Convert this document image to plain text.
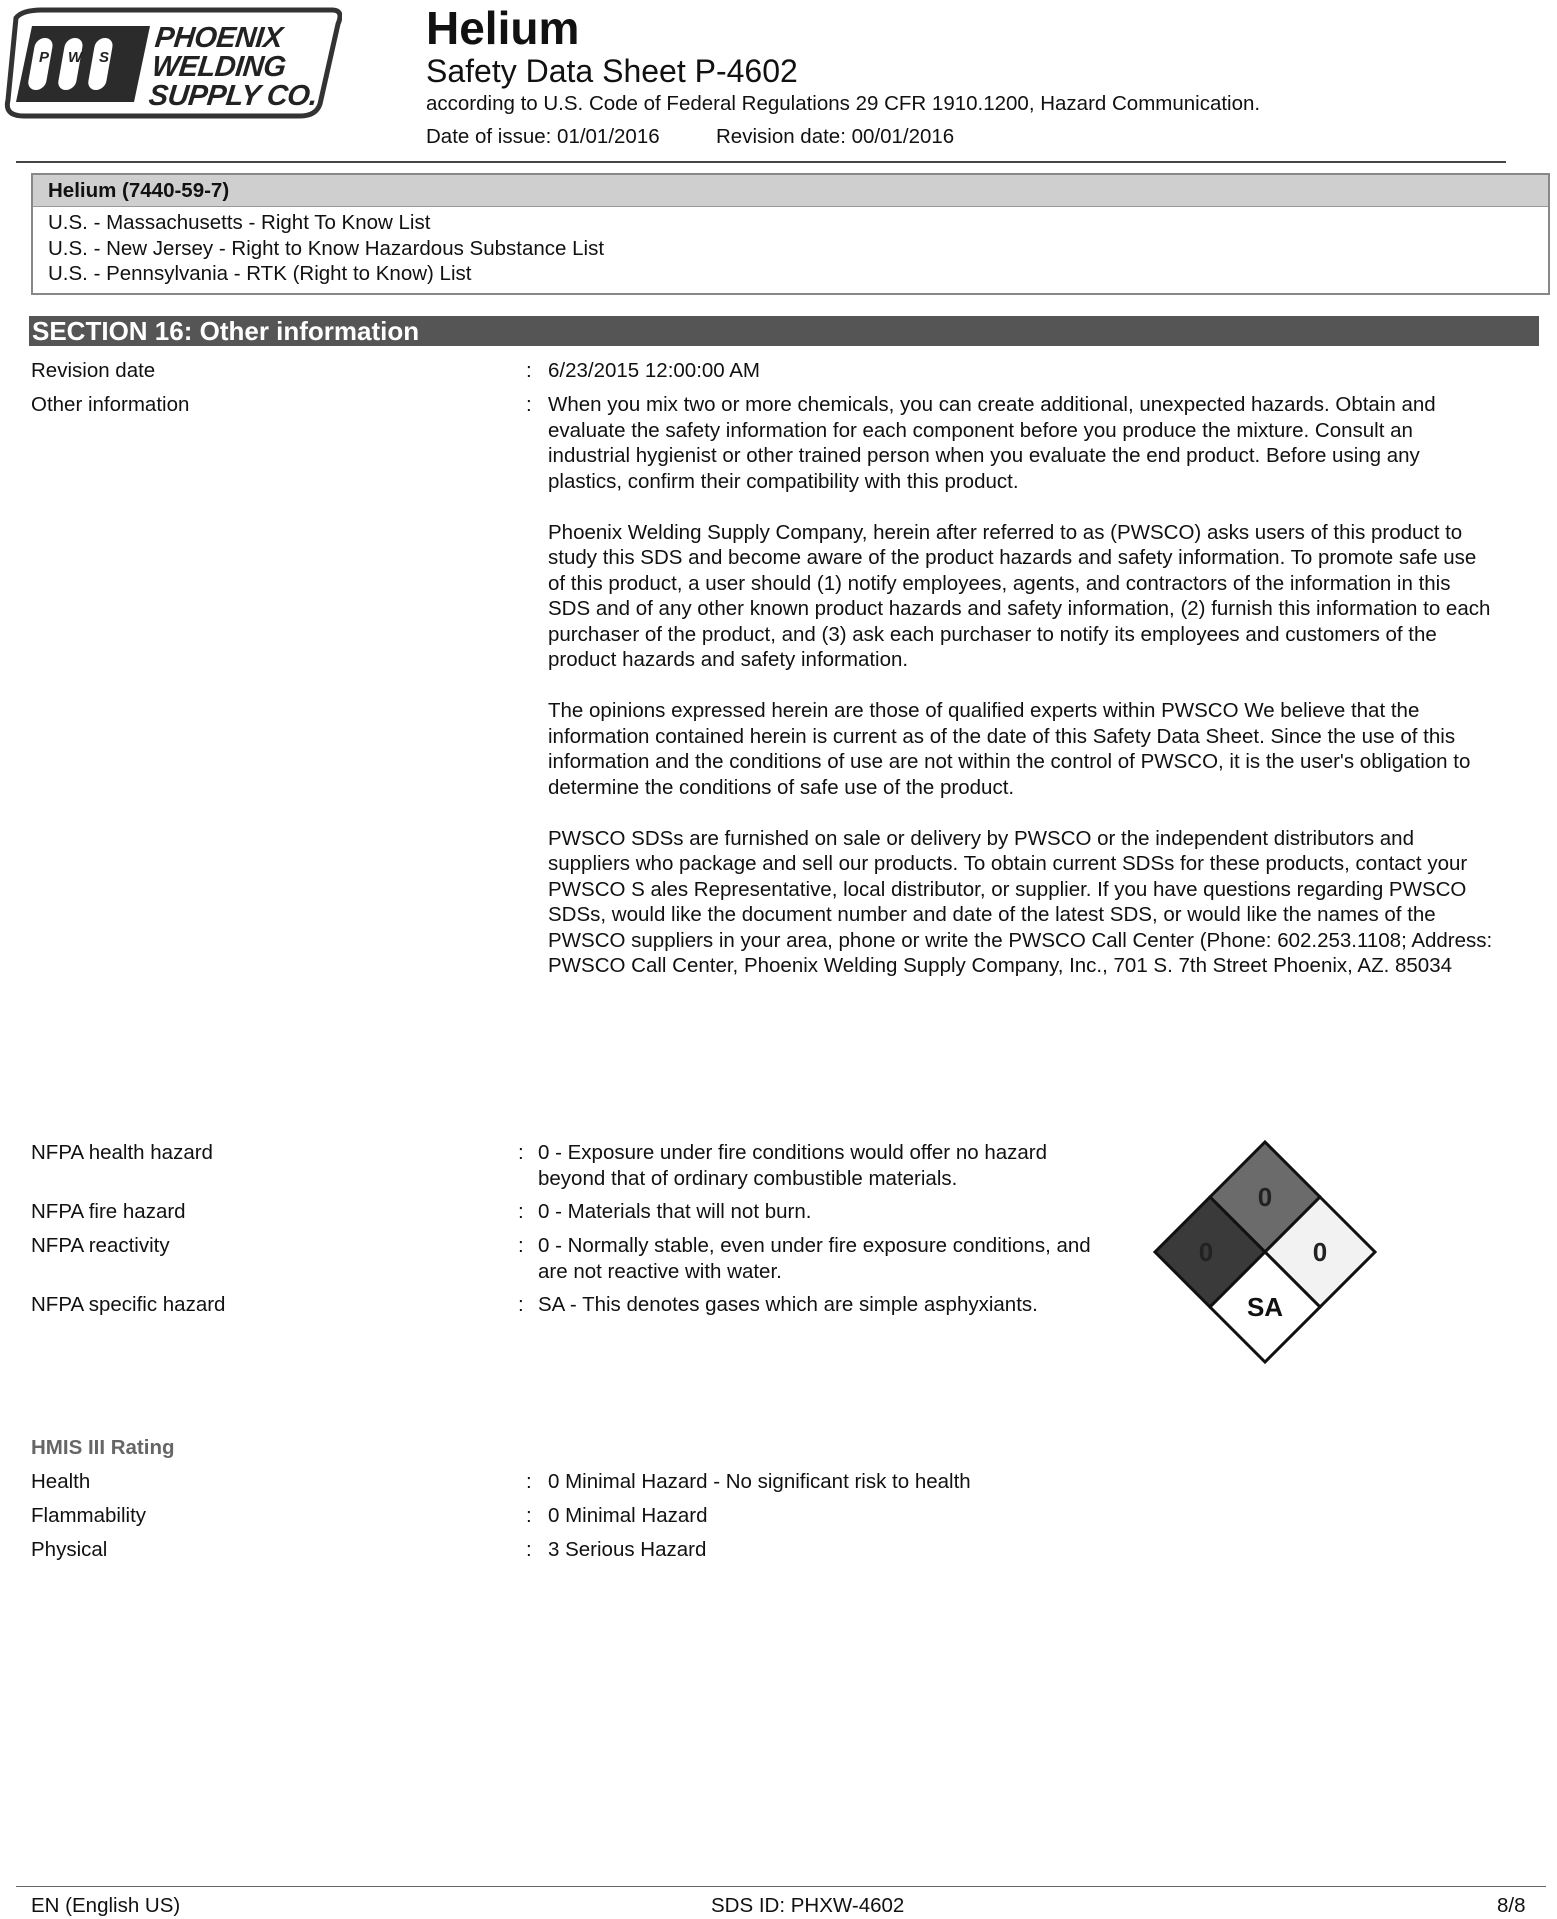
P W S
PHOENIX
WELDING
SUPPLY CO.
Helium
Safety Data Sheet P-4602
according to U.S. Code of Federal Regulations 29 CFR 1910.1200, Hazard Communication.
Date of issue: 01/01/2016	Revision date: 00/01/2016
Helium (7440-59-7)
U.S. - Massachusetts - Right To Know List
U.S. - New Jersey - Right to Know Hazardous Substance List
U.S. - Pennsylvania - RTK (Right to Know) List
SECTION 16: Other information
Revision date	: 6/23/2015 12:00:00 AM
Other information	: When you mix two or more chemicals, you can create additional, unexpected hazards. Obtain and evaluate the safety information for each component before you produce the mixture. Consult an industrial hygienist or other trained person when you evaluate the end product. Before using any plastics, confirm their compatibility with this product.

Phoenix Welding Supply Company, herein after referred to as (PWSCO) asks users of this product to study this SDS and become aware of the product hazards and safety information. To promote safe use of this product, a user should (1) notify employees, agents, and contractors of the information in this SDS and of any other known product hazards and safety information, (2) furnish this information to each purchaser of the product, and (3) ask each purchaser to notify its employees and customers of the product hazards and safety information.

The opinions expressed herein are those of qualified experts within PWSCO We believe that the information contained herein is current as of the date of this Safety Data Sheet. Since the use of this information and the conditions of use are not within the control of PWSCO, it is the user's obligation to determine the conditions of safe use of the product.

PWSCO SDSs are furnished on sale or delivery by PWSCO or the independent distributors and suppliers who package and sell our products. To obtain current SDSs for these products, contact your PWSCO S ales Representative, local distributor, or supplier. If you have questions regarding PWSCO SDSs, would like the document number and date of the latest SDS, or would like the names of the PWSCO suppliers in your area, phone or write the PWSCO Call Center (Phone: 602.253.1108; Address: PWSCO Call Center, Phoenix Welding Supply Company, Inc., 701 S. 7th Street Phoenix, AZ. 85034

NFPA health hazard	: 0 - Exposure under fire conditions would offer no hazard beyond that of ordinary combustible materials.
NFPA fire hazard	: 0 - Materials that will not burn.
NFPA reactivity	: 0 - Normally stable, even under fire exposure conditions, and are not reactive with water.
NFPA specific hazard	: SA - This denotes gases which are simple asphyxiants.
0
0	0
SA
HMIS III Rating
Health	: 0 Minimal Hazard - No significant risk to health
Flammability	: 0 Minimal Hazard
Physical	: 3 Serious Hazard
EN (English US)	SDS ID: PHXW-4602	8/8
